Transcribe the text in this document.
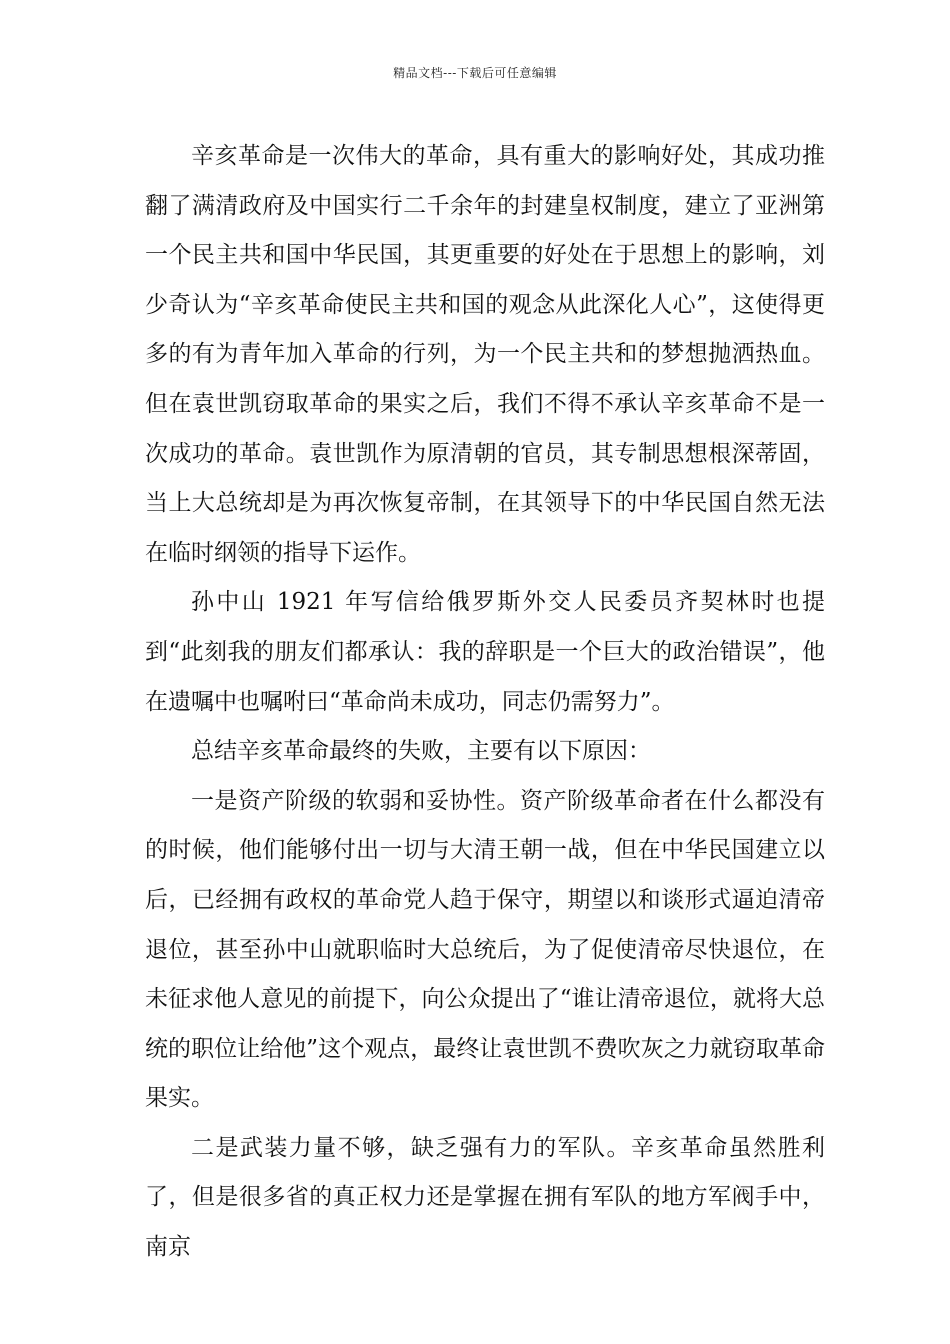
精品文档---下载后可任意编辑

辛亥革命是一次伟大的革命，具有重大的影响好处，其成功推翻了满清政府及中国实行二千余年的封建皇权制度，建立了亚洲第一个民主共和国中华民国，其更重要的好处在于思想上的影响，刘少奇认为“辛亥革命使民主共和国的观念从此深化人心”，这使得更多的有为青年加入革命的行列，为一个民主共和的梦想抛洒热血。但在袁世凯窃取革命的果实之后，我们不得不承认辛亥革命不是一次成功的革命。袁世凯作为原清朝的官员，其专制思想根深蒂固，当上大总统却是为再次恢复帝制，在其领导下的中华民国自然无法在临时纲领的指导下运作。

孙中山 1921 年写信给俄罗斯外交人民委员齐契林时也提到“此刻我的朋友们都承认：我的辞职是一个巨大的政治错误”，他在遗嘱中也嘱咐曰“革命尚未成功，同志仍需努力”。

总结辛亥革命最终的失败，主要有以下原因：

一是资产阶级的软弱和妥协性。资产阶级革命者在什么都没有的时候，他们能够付出一切与大清王朝一战，但在中华民国建立以后，已经拥有政权的革命党人趋于保守，期望以和谈形式逼迫清帝退位，甚至孙中山就职临时大总统后，为了促使清帝尽快退位，在未征求他人意见的前提下，向公众提出了“谁让清帝退位，就将大总统的职位让给他”这个观点，最终让袁世凯不费吹灰之力就窃取革命果实。

二是武装力量不够，缺乏强有力的军队。辛亥革命虽然胜利了，但是很多省的真正权力还是掌握在拥有军队的地方军阀手中，南京
